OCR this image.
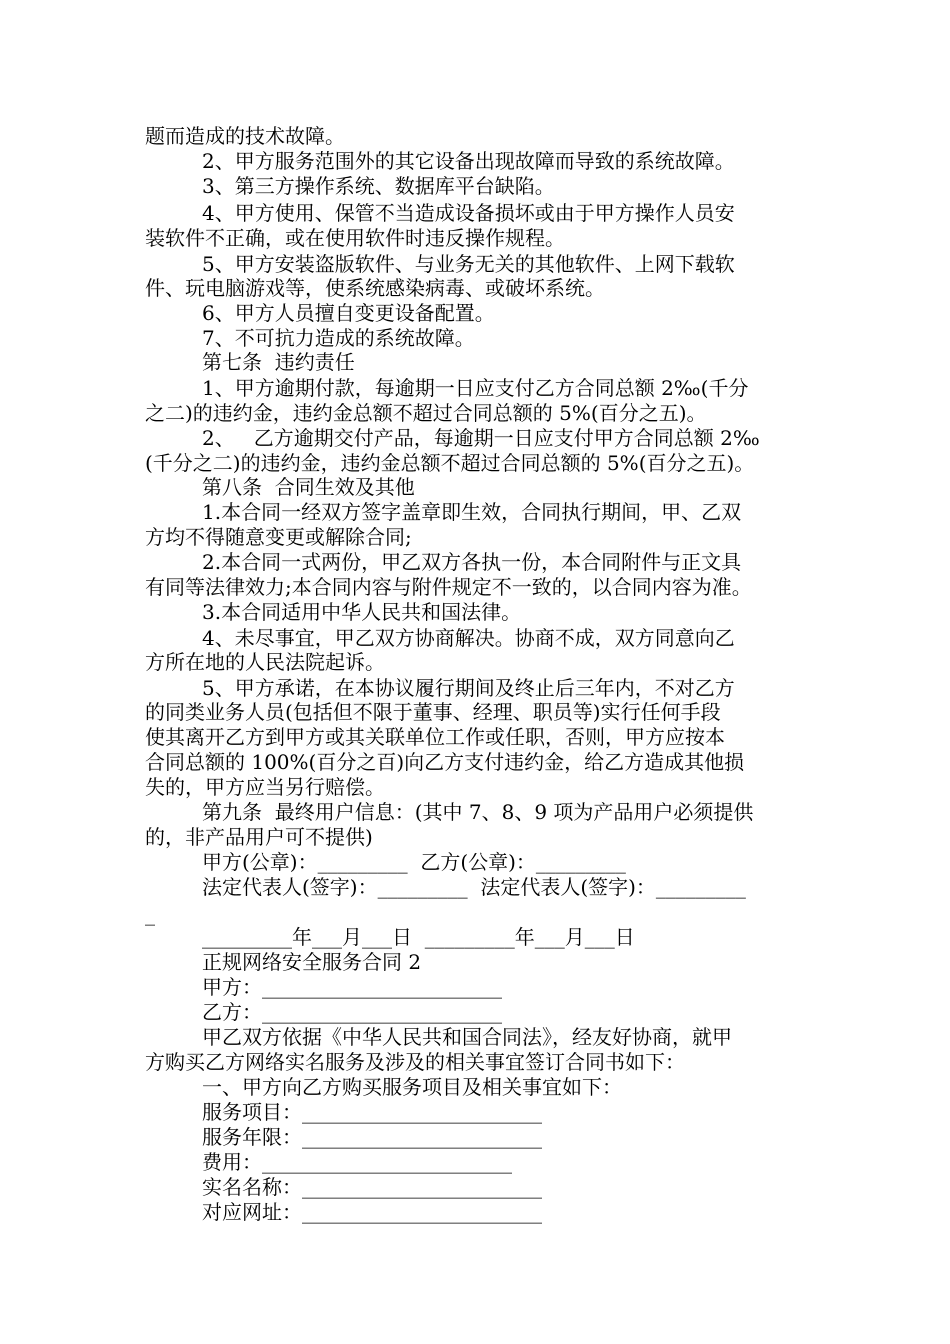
题而造成的技术故障。
2、甲方服务范围外的其它设备出现故障而导致的系统故障。
3、第三方操作系统、数据库平台缺陷。
4、甲方使用、保管不当造成设备损坏或由于甲方操作人员安
装软件不正确，或在使用软件时违反操作规程。
5、甲方安装盗版软件、与业务无关的其他软件、上网下载软
件、玩电脑游戏等，使系统感染病毒、或破坏系统。
6、甲方人员擅自变更设备配置。
7、不可抗力造成的系统故障。
第七条  违约责任
1、甲方逾期付款，每逾期一日应支付乙方合同总额 2‰(千分
之二)的违约金，违约金总额不超过合同总额的 5%(百分之五)。
2、   乙方逾期交付产品，每逾期一日应支付甲方合同总额 2‰
(千分之二)的违约金，违约金总额不超过合同总额的 5%(百分之五)。
第八条  合同生效及其他
1.本合同一经双方签字盖章即生效，合同执行期间，甲、乙双
方均不得随意变更或解除合同;
2.本合同一式两份，甲乙双方各执一份，本合同附件与正文具
有同等法律效力;本合同内容与附件规定不一致的，以合同内容为准。
3.本合同适用中华人民共和国法律。
4、未尽事宜，甲乙双方协商解决。协商不成，双方同意向乙
方所在地的人民法院起诉。
5、甲方承诺，在本协议履行期间及终止后三年内，不对乙方
的同类业务人员(包括但不限于董事、经理、职员等)实行任何手段
使其离开乙方到甲方或其关联单位工作或任职，否则，甲方应按本
合同总额的 100%(百分之百)向乙方支付违约金，给乙方造成其他损
失的，甲方应当另行赔偿。
第九条  最终用户信息：(其中 7、8、9 项为产品用户必须提供
的，非产品用户可不提供)
甲方(公章)：_________  乙方(公章)：_________
法定代表人(签字)：_________  法定代表人(签字)：_________
_
_________年___月___日  _________年___月___日
正规网络安全服务合同 2
甲方：________________________
乙方：________________________
甲乙双方依据《中华人民共和国合同法》，经友好协商，就甲
方购买乙方网络实名服务及涉及的相关事宜签订合同书如下：
一、甲方向乙方购买服务项目及相关事宜如下：
服务项目：________________________
服务年限：________________________
费用：_________________________
实名名称：________________________
对应网址：________________________
